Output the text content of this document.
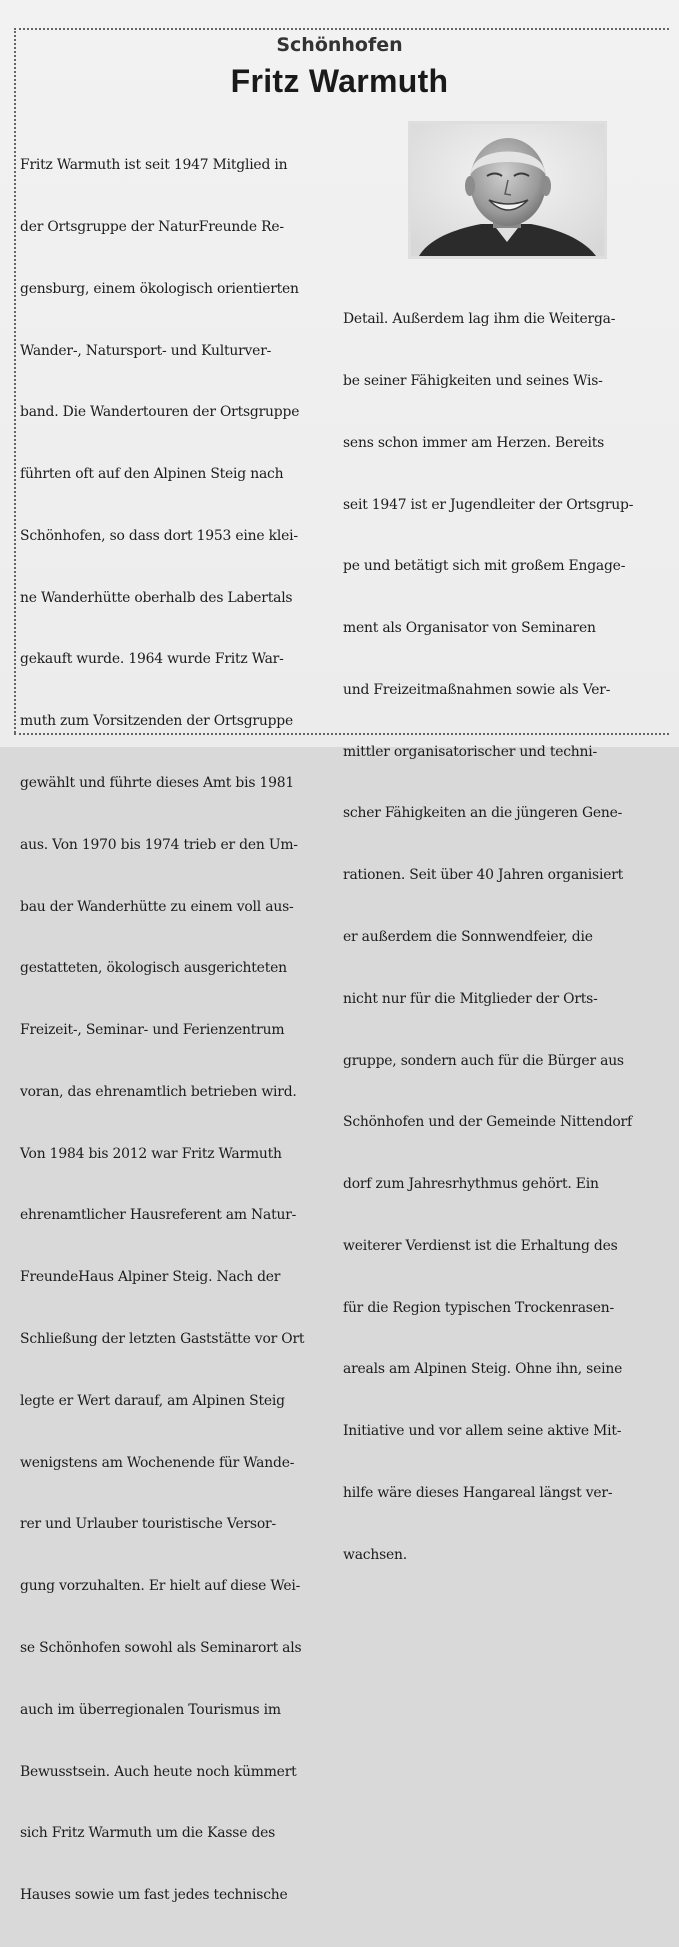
Schönhofen
Fritz Warmuth

Fritz Warmuth ist seit 1947 Mitglied in

der Ortsgruppe der NaturFreunde Re-

gensburg, einem ökologisch orientierten

Wander-, Natursport- und Kulturver-

band. Die Wandertouren der Ortsgruppe

führten oft auf den Alpinen Steig nach

Schönhofen, so dass dort 1953 eine klei-

ne Wanderhütte oberhalb des Labertals

gekauft wurde. 1964 wurde Fritz War-

muth zum Vorsitzenden der Ortsgruppe

gewählt und führte dieses Amt bis 1981

aus. Von 1970 bis 1974 trieb er den Um-

bau der Wanderhütte zu einem voll aus-

gestatteten, ökologisch ausgerichteten

Freizeit-, Seminar- und Ferienzentrum

voran, das ehrenamtlich betrieben wird.

Von 1984 bis 2012 war Fritz Warmuth

ehrenamtlicher Hausreferent am Natur-

FreundeHaus Alpiner Steig. Nach der

Schließung der letzten Gaststätte vor Ort

legte er Wert darauf, am Alpinen Steig

wenigstens am Wochenende für Wande-

rer und Urlauber touristische Versor-

gung vorzuhalten. Er hielt auf diese Wei-

se Schönhofen sowohl als Seminarort als

auch im überregionalen Tourismus im

Bewusstsein. Auch heute noch kümmert

sich Fritz Warmuth um die Kasse des

Hauses sowie um fast jedes technische

Detail. Außerdem lag ihm die Weitergа-

be seiner Fähigkeiten und seines Wis-

sens schon immer am Herzen. Bereits

seit 1947 ist er Jugendleiter der Ortsgrup-

pe und betätigt sich mit großem Engage-

ment als Organisator von Seminaren

und Freizeitmaßnahmen sowie als Ver-

mittler organisatorischer und techni-

scher Fähigkeiten an die jüngeren Gene-

rationen. Seit über 40 Jahren organisiert

er außerdem die Sonnwendfeier, die

nicht nur für die Mitglieder der Orts-

gruppe, sondern auch für die Bürger aus

Schönhofen und der Gemeinde Nittendorf

dorf zum Jahresrhythmus gehört. Ein

weiterer Verdienst ist die Erhaltung des

für die Region typischen Trockenrasen-

areals am Alpinen Steig. Ohne ihn, seine

Initiative und vor allem seine aktive Mit-

hilfe wäre dieses Hangareal längst ver-

wachsen.
